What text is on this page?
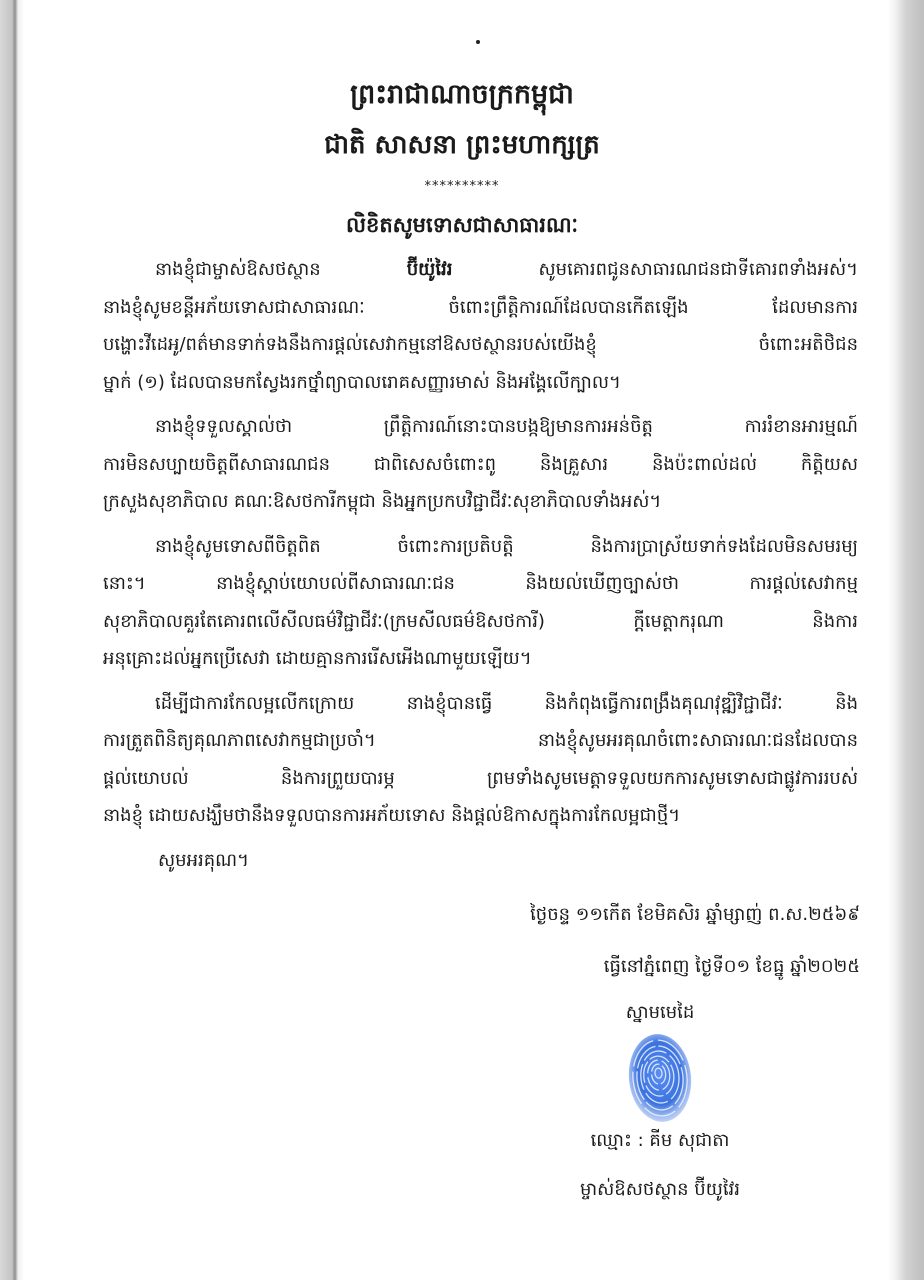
ព្រះរាជាណាចក្រកម្ពុជា
ជាតិ សាសនា ព្រះមហាក្សត្រ
**********
លិខិតសូមទោសជាសាធារណៈ
នាងខ្ញុំជាម្ចាស់ឱសថស្ថាន	ប៊ីយ៉ូវៃរ	សូមគោរពជូនសាធារណជនជាទីគោរពទាំងអស់។
នាងខ្ញុំសូមខន្តីអភ័យទោសជាសាធារណៈ ចំពោះព្រឹត្តិការណ៍ដែលបានកើតឡើង ដែលមានការ
បង្ហោះវីដេអូ/ពត៌មានទាក់ទងនឹងការផ្តល់សេវាកម្មនៅឱសថស្ថានរបស់យើងខ្ញុំ ចំពោះអតិថិជន
ម្នាក់ (១) ដែលបានមកស្វែងរកថ្នាំព្យាបាលរោគសញ្ញារមាស់ និងអង្គែលើក្បាល។
នាងខ្ញុំទទួលស្គាល់ថា ព្រឹត្តិការណ៍នោះបានបង្កឱ្យមានការអន់ចិត្ត ការរំខានអារម្មណ៍
ការមិនសប្បាយចិត្តពីសាធារណជន ជាពិសេសចំពោះពូ និងគ្រួសារ និងប៉ះពាល់ដល់ កិត្តិយស
ក្រសួងសុខាភិបាល គណៈឱសថការីកម្ពុជា និងអ្នកប្រកបវិជ្ជាជីវៈសុខាភិបាលទាំងអស់។
នាងខ្ញុំសូមទោសពីចិត្តពិត ចំពោះការប្រតិបត្តិ និងការប្រាស្រ័យទាក់ទងដែលមិនសមរម្យ
នោះ។ នាងខ្ញុំស្តាប់យោបល់ពីសាធារណៈជន និងយល់ឃើញច្បាស់ថា ការផ្តល់សេវាកម្ម
សុខាភិបាលគួរតែគោរពលើសីលធម៌វិជ្ជាជីវៈ(ក្រមសីលធម៌ឱសថការី) ក្តីមេត្តាករុណា និងការ
អនុគ្រោះដល់អ្នកប្រើសេវា ដោយគ្មានការរើសអើងណាមួយឡើយ។
ដើម្បីជាការកែលម្អលើកក្រោយ នាងខ្ញុំបានធ្វើ និងកំពុងធ្វើការពង្រឹងគុណវុឌ្ឍិវិជ្ជាជីវៈ និង
ការត្រួតពិនិត្យគុណភាពសេវាកម្មជាប្រចាំ។ នាងខ្ញុំសូមអរគុណចំពោះសាធារណៈជនដែលបាន
ផ្តល់យោបល់ និងការព្រួយបារម្ភ ព្រមទាំងសូមមេត្តាទទួលយកការសូមទោសជាផ្លូវការរបស់
នាងខ្ញុំ ដោយសង្ឃឹមថានឹងទទួលបានការអភ័យទោស និងផ្តល់ឱកាសក្នុងការកែលម្អជាថ្មី។
សូមអរគុណ។
ថ្ងៃចន្ទ ១១កើត ខែមិគសិរ ឆ្នាំម្សាញ់ ព.ស.២៥៦៩
ធ្វើនៅភ្នំពេញ ថ្ងៃទី០១ ខែធ្នូ ឆ្នាំ២០២៥
ស្នាមមេដៃ
ឈ្មោះ : គីម សុជាតា
ម្ចាស់ឱសថស្ថាន ប៊ីយូវៃរ
